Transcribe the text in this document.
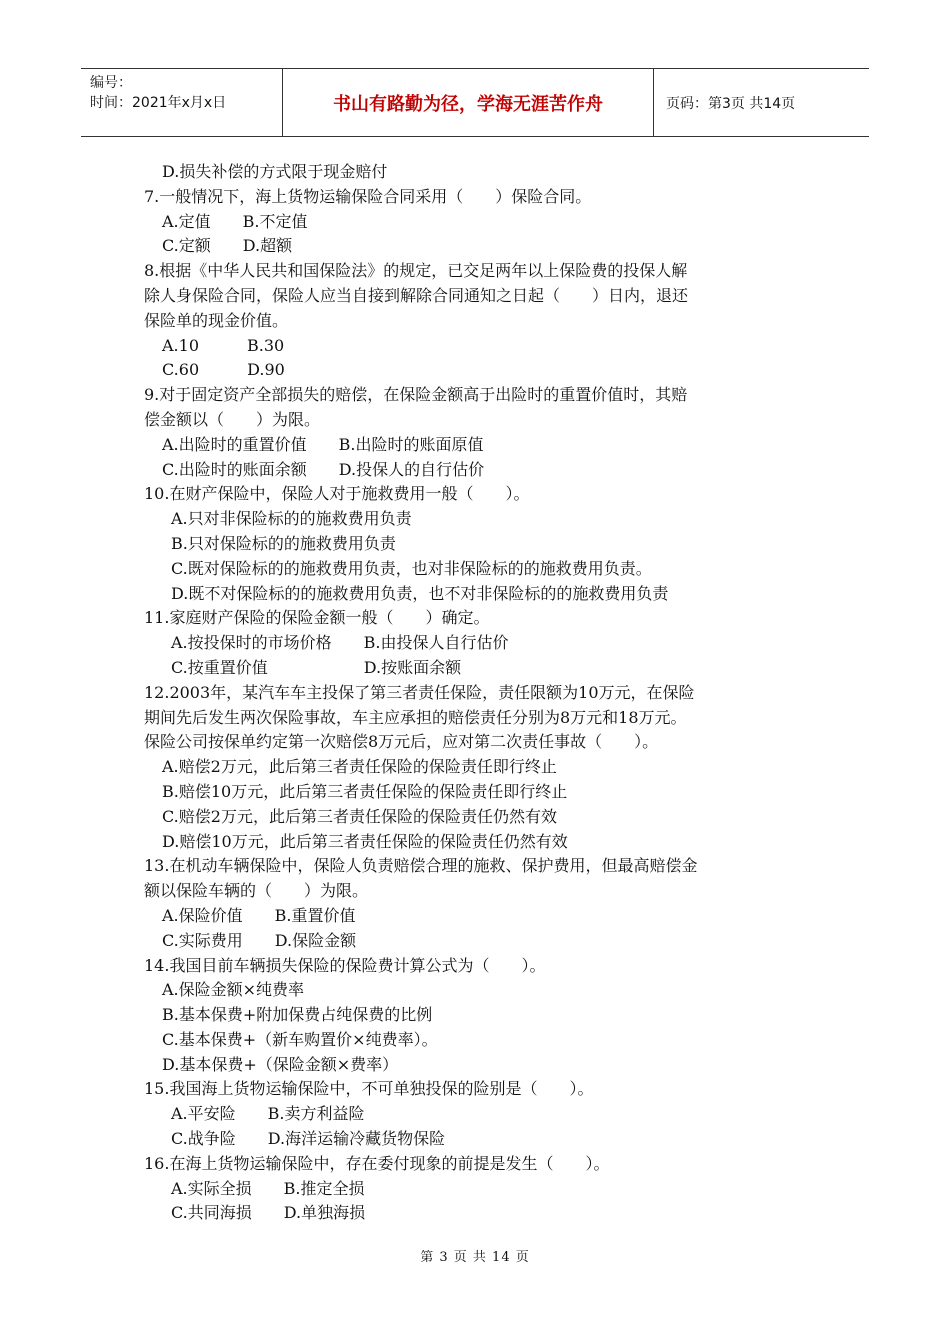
编号：
时间：2021年x月x日	书山有路勤为径，学海无涯苦作舟	页码：第3页 共14页
D.损失补偿的方式限于现金赔付
7.一般情况下，海上货物运输保险合同采用（　　）保险合同。
A.定值　　B.不定值
C.定额　　D.超额
8.根据《中华人民共和国保险法》的规定，已交足两年以上保险费的投保人解
除人身保险合同，保险人应当自接到解除合同通知之日起（　　）日内，退还
保险单的现金价值。
A.10　　　B.30
C.60　　　D.90
9.对于固定资产全部损失的赔偿，在保险金额高于出险时的重置价值时，其赔
偿金额以（　　）为限。
A.出险时的重置价值　　B.出险时的账面原值
C.出险时的账面余额　　D.投保人的自行估价
10.在财产保险中，保险人对于施救费用一般（　　）。
A.只对非保险标的的施救费用负责
B.只对保险标的的施救费用负责
C.既对保险标的的施救费用负责，也对非保险标的的施救费用负责。
D.既不对保险标的的施救费用负责，也不对非保险标的的施救费用负责
11.家庭财产保险的保险金额一般（　　）确定。
A.按投保时的市场价格　　B.由投保人自行估价
C.按重置价值　　　　　　D.按账面余额
12.2003年，某汽车车主投保了第三者责任保险，责任限额为10万元，在保险
期间先后发生两次保险事故，车主应承担的赔偿责任分别为8万元和18万元。
保险公司按保单约定第一次赔偿8万元后，应对第二次责任事故（　　）。
A.赔偿2万元，此后第三者责任保险的保险责任即行终止
B.赔偿10万元，此后第三者责任保险的保险责任即行终止
C.赔偿2万元，此后第三者责任保险的保险责任仍然有效
D.赔偿10万元，此后第三者责任保险的保险责任仍然有效
13.在机动车辆保险中，保险人负责赔偿合理的施救、保护费用，但最高赔偿金
额以保险车辆的（　　）为限。
A.保险价值　　B.重置价值
C.实际费用　　D.保险金额
14.我国目前车辆损失保险的保险费计算公式为（　　）。
A.保险金额×纯费率
B.基本保费+附加保费占纯保费的比例
C.基本保费+（新车购置价×纯费率）。
D.基本保费+（保险金额×费率）
15.我国海上货物运输保险中，不可单独投保的险别是（　　）。
A.平安险　　B.卖方利益险
C.战争险　　D.海洋运输冷藏货物保险
16.在海上货物运输保险中，存在委付现象的前提是发生（　　）。
A.实际全损　　B.推定全损
C.共同海损　　D.单独海损
第 3 页 共 14 页
